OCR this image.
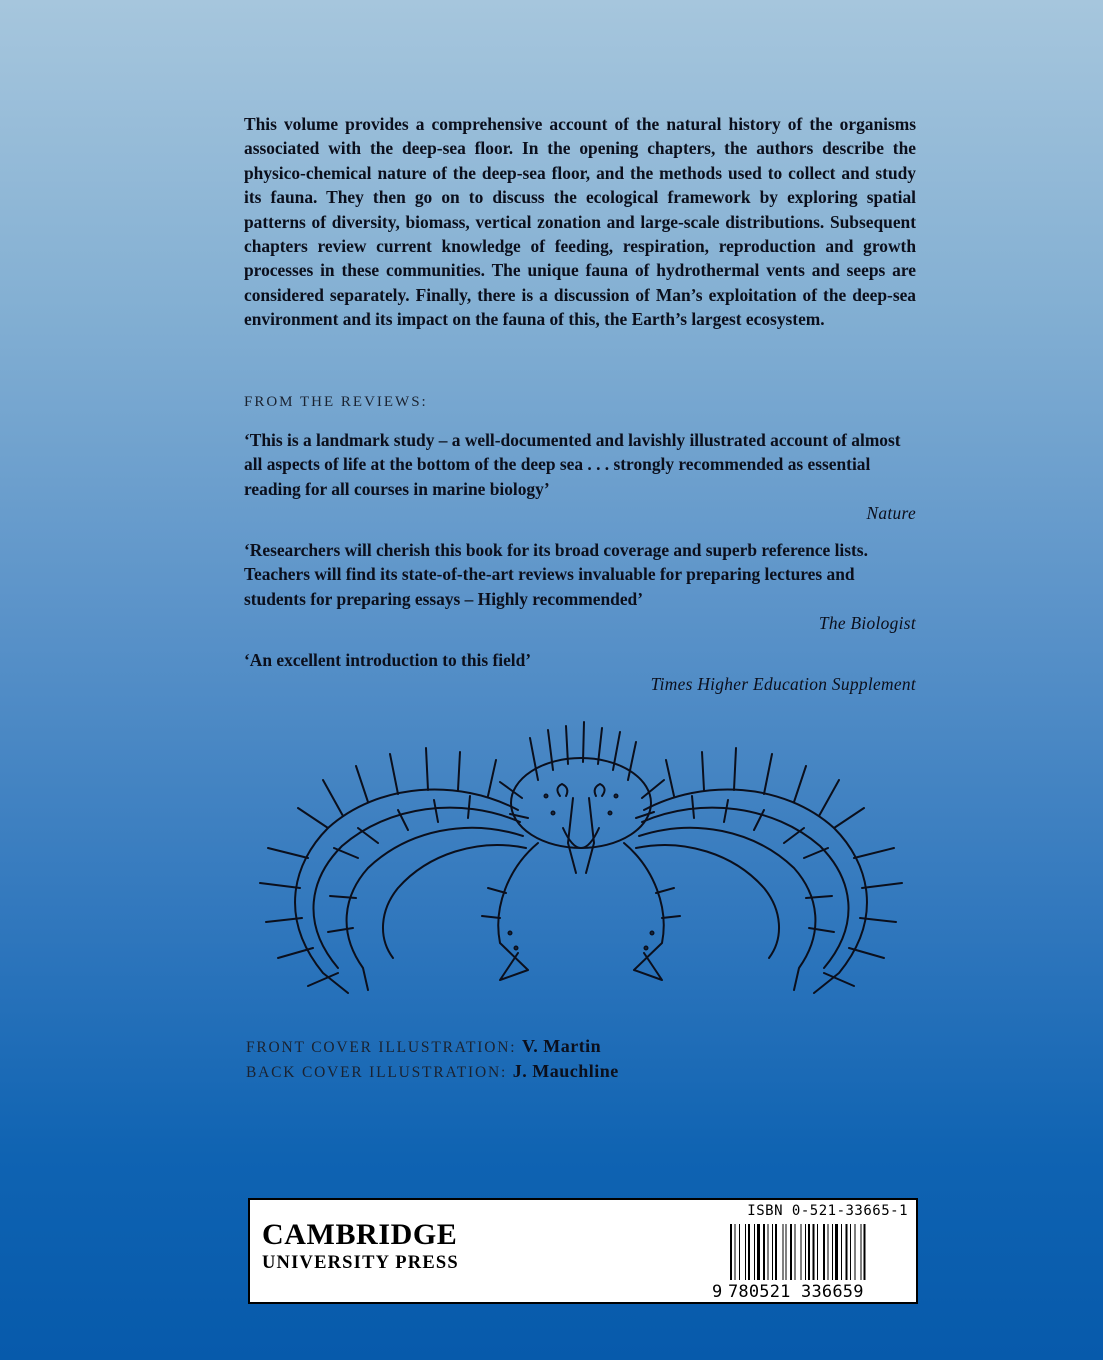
This volume provides a comprehensive account of the natural history of the organisms associated with the deep-sea floor. In the opening chapters, the authors describe the physico-chemical nature of the deep-sea floor, and the methods used to collect and study its fauna. They then go on to discuss the ecological framework by exploring spatial patterns of diversity, biomass, vertical zonation and large-scale distributions. Subsequent chapters review current knowledge of feeding, respiration, reproduction and growth processes in these communities. The unique fauna of hydrothermal vents and seeps are considered separately. Finally, there is a discussion of Man’s exploitation of the deep-sea environment and its impact on the fauna of this, the Earth’s largest ecosystem.

FROM THE REVIEWS:

‘This is a landmark study – a well-documented and lavishly illustrated account of almost all aspects of life at the bottom of the deep sea . . . strongly recommended as essential reading for all courses in marine biology’

Nature

‘Researchers will cherish this book for its broad coverage and superb reference lists. Teachers will find its state-of-the-art reviews invaluable for preparing lectures and students for preparing essays – Highly recommended’

The Biologist

‘An excellent introduction to this field’

Times Higher Education Supplement

FRONT COVER ILLUSTRATION: V. Martin

BACK COVER ILLUSTRATION: J. Mauchline

CAMBRIDGE
UNIVERSITY PRESS

ISBN 0-521-33665-1
9 780521 336659
